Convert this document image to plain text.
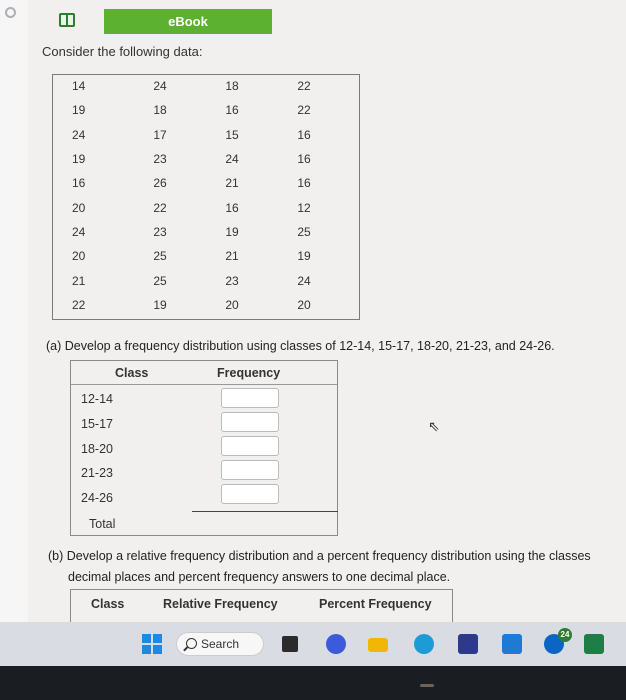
eBook
Consider the following data:
14	24	18	22
19	18	16	22
24	17	15	16
19	23	24	16
16	26	21	16
20	22	16	12
24	23	19	25
20	25	21	19
21	25	23	24
22	19	20	20
(a) Develop a frequency distribution using classes of 12-14, 15-17, 18-20, 21-23, and 24-26.
Class	Frequency
12-14
15-17
18-20
21-23
24-26
Total
⇖
(b) Develop a relative frequency distribution and a percent frequency distribution using the classes
decimal places and percent frequency answers to one decimal place.
Class	Relative Frequency	Percent Frequency
Search
24
